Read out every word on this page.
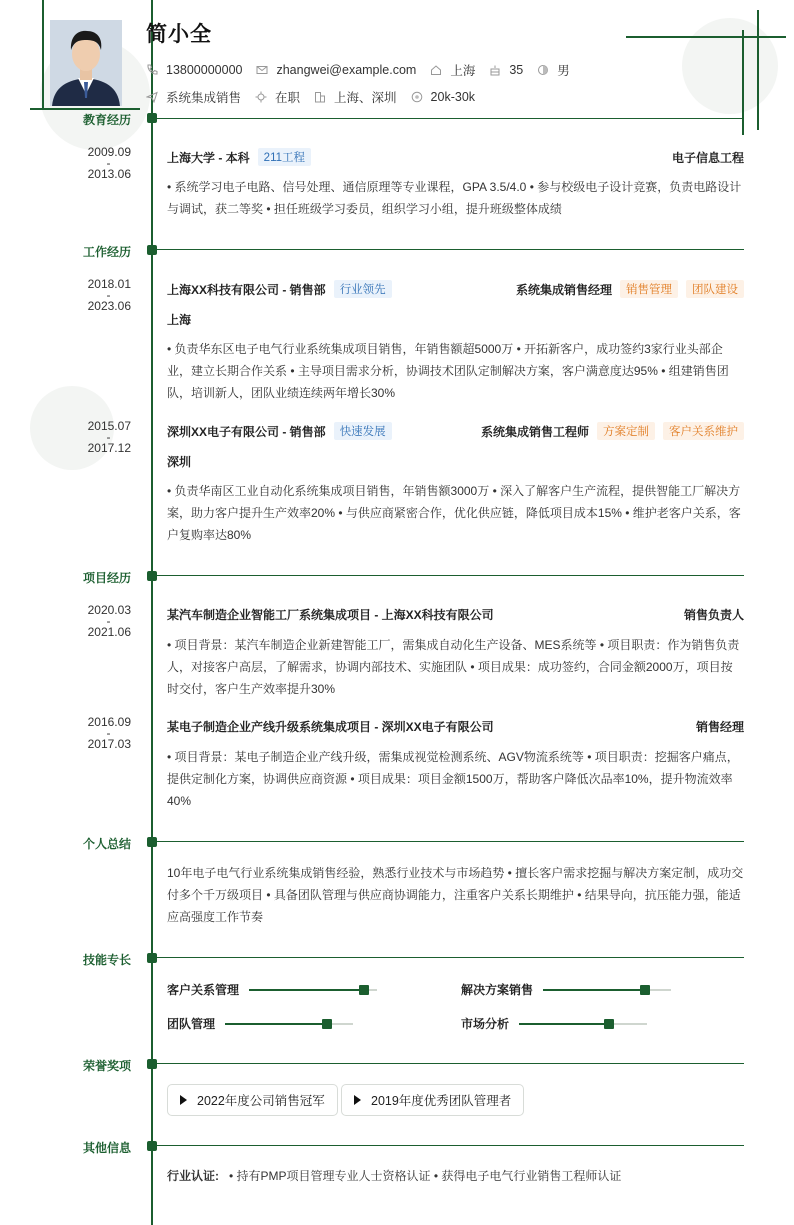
简小全
13800000000	zhangwei@example.com	上海	35	男
系统集成销售	在职	上海、深圳	20k-30k
教育经历
2009.09
-
2013.06
上海大学 - 本科	211工程	电子信息工程
• 系统学习电子电路、信号处理、通信原理等专业课程，GPA 3.5/4.0 • 参与校级电子设计竞赛，负责电路设计与调试，获二等奖 • 担任班级学习委员，组织学习小组，提升班级整体成绩
工作经历
2018.01
-
2023.06
上海XX科技有限公司 - 销售部	行业领先	系统集成销售经理	销售管理	团队建设
上海
• 负责华东区电子电气行业系统集成项目销售，年销售额超5000万 • 开拓新客户，成功签约3家行业头部企业，建立长期合作关系 • 主导项目需求分析，协调技术团队定制解决方案，客户满意度达95% • 组建销售团队，培训新人，团队业绩连续两年增长30%
2015.07
-
2017.12
深圳XX电子有限公司 - 销售部	快速发展	系统集成销售工程师	方案定制	客户关系维护
深圳
• 负责华南区工业自动化系统集成项目销售，年销售额3000万 • 深入了解客户生产流程，提供智能工厂解决方案，助力客户提升生产效率20% • 与供应商紧密合作，优化供应链，降低项目成本15% • 维护老客户关系，客户复购率达80%
项目经历
2020.03
-
2021.06
某汽车制造企业智能工厂系统集成项目 - 上海XX科技有限公司	销售负责人
• 项目背景：某汽车制造企业新建智能工厂，需集成自动化生产设备、MES系统等 • 项目职责：作为销售负责人，对接客户高层，了解需求，协调内部技术、实施团队 • 项目成果：成功签约，合同金额2000万，项目按时交付，客户生产效率提升30%
2016.09
-
2017.03
某电子制造企业产线升级系统集成项目 - 深圳XX电子有限公司	销售经理
• 项目背景：某电子制造企业产线升级，需集成视觉检测系统、AGV物流系统等 • 项目职责：挖掘客户痛点，提供定制化方案，协调供应商资源 • 项目成果：项目金额1500万，帮助客户降低次品率10%，提升物流效率40%
个人总结
10年电子电气行业系统集成销售经验，熟悉行业技术与市场趋势 • 擅长客户需求挖掘与解决方案定制，成功交付多个千万级项目 • 具备团队管理与供应商协调能力，注重客户关系长期维护 • 结果导向，抗压能力强，能适应高强度工作节奏
技能专长
客户关系管理	解决方案销售
团队管理	市场分析
荣誉奖项
2022年度公司销售冠军	2019年度优秀团队管理者
其他信息
行业认证: • 持有PMP项目管理专业人士资格认证 • 获得电子电气行业销售工程师认证
